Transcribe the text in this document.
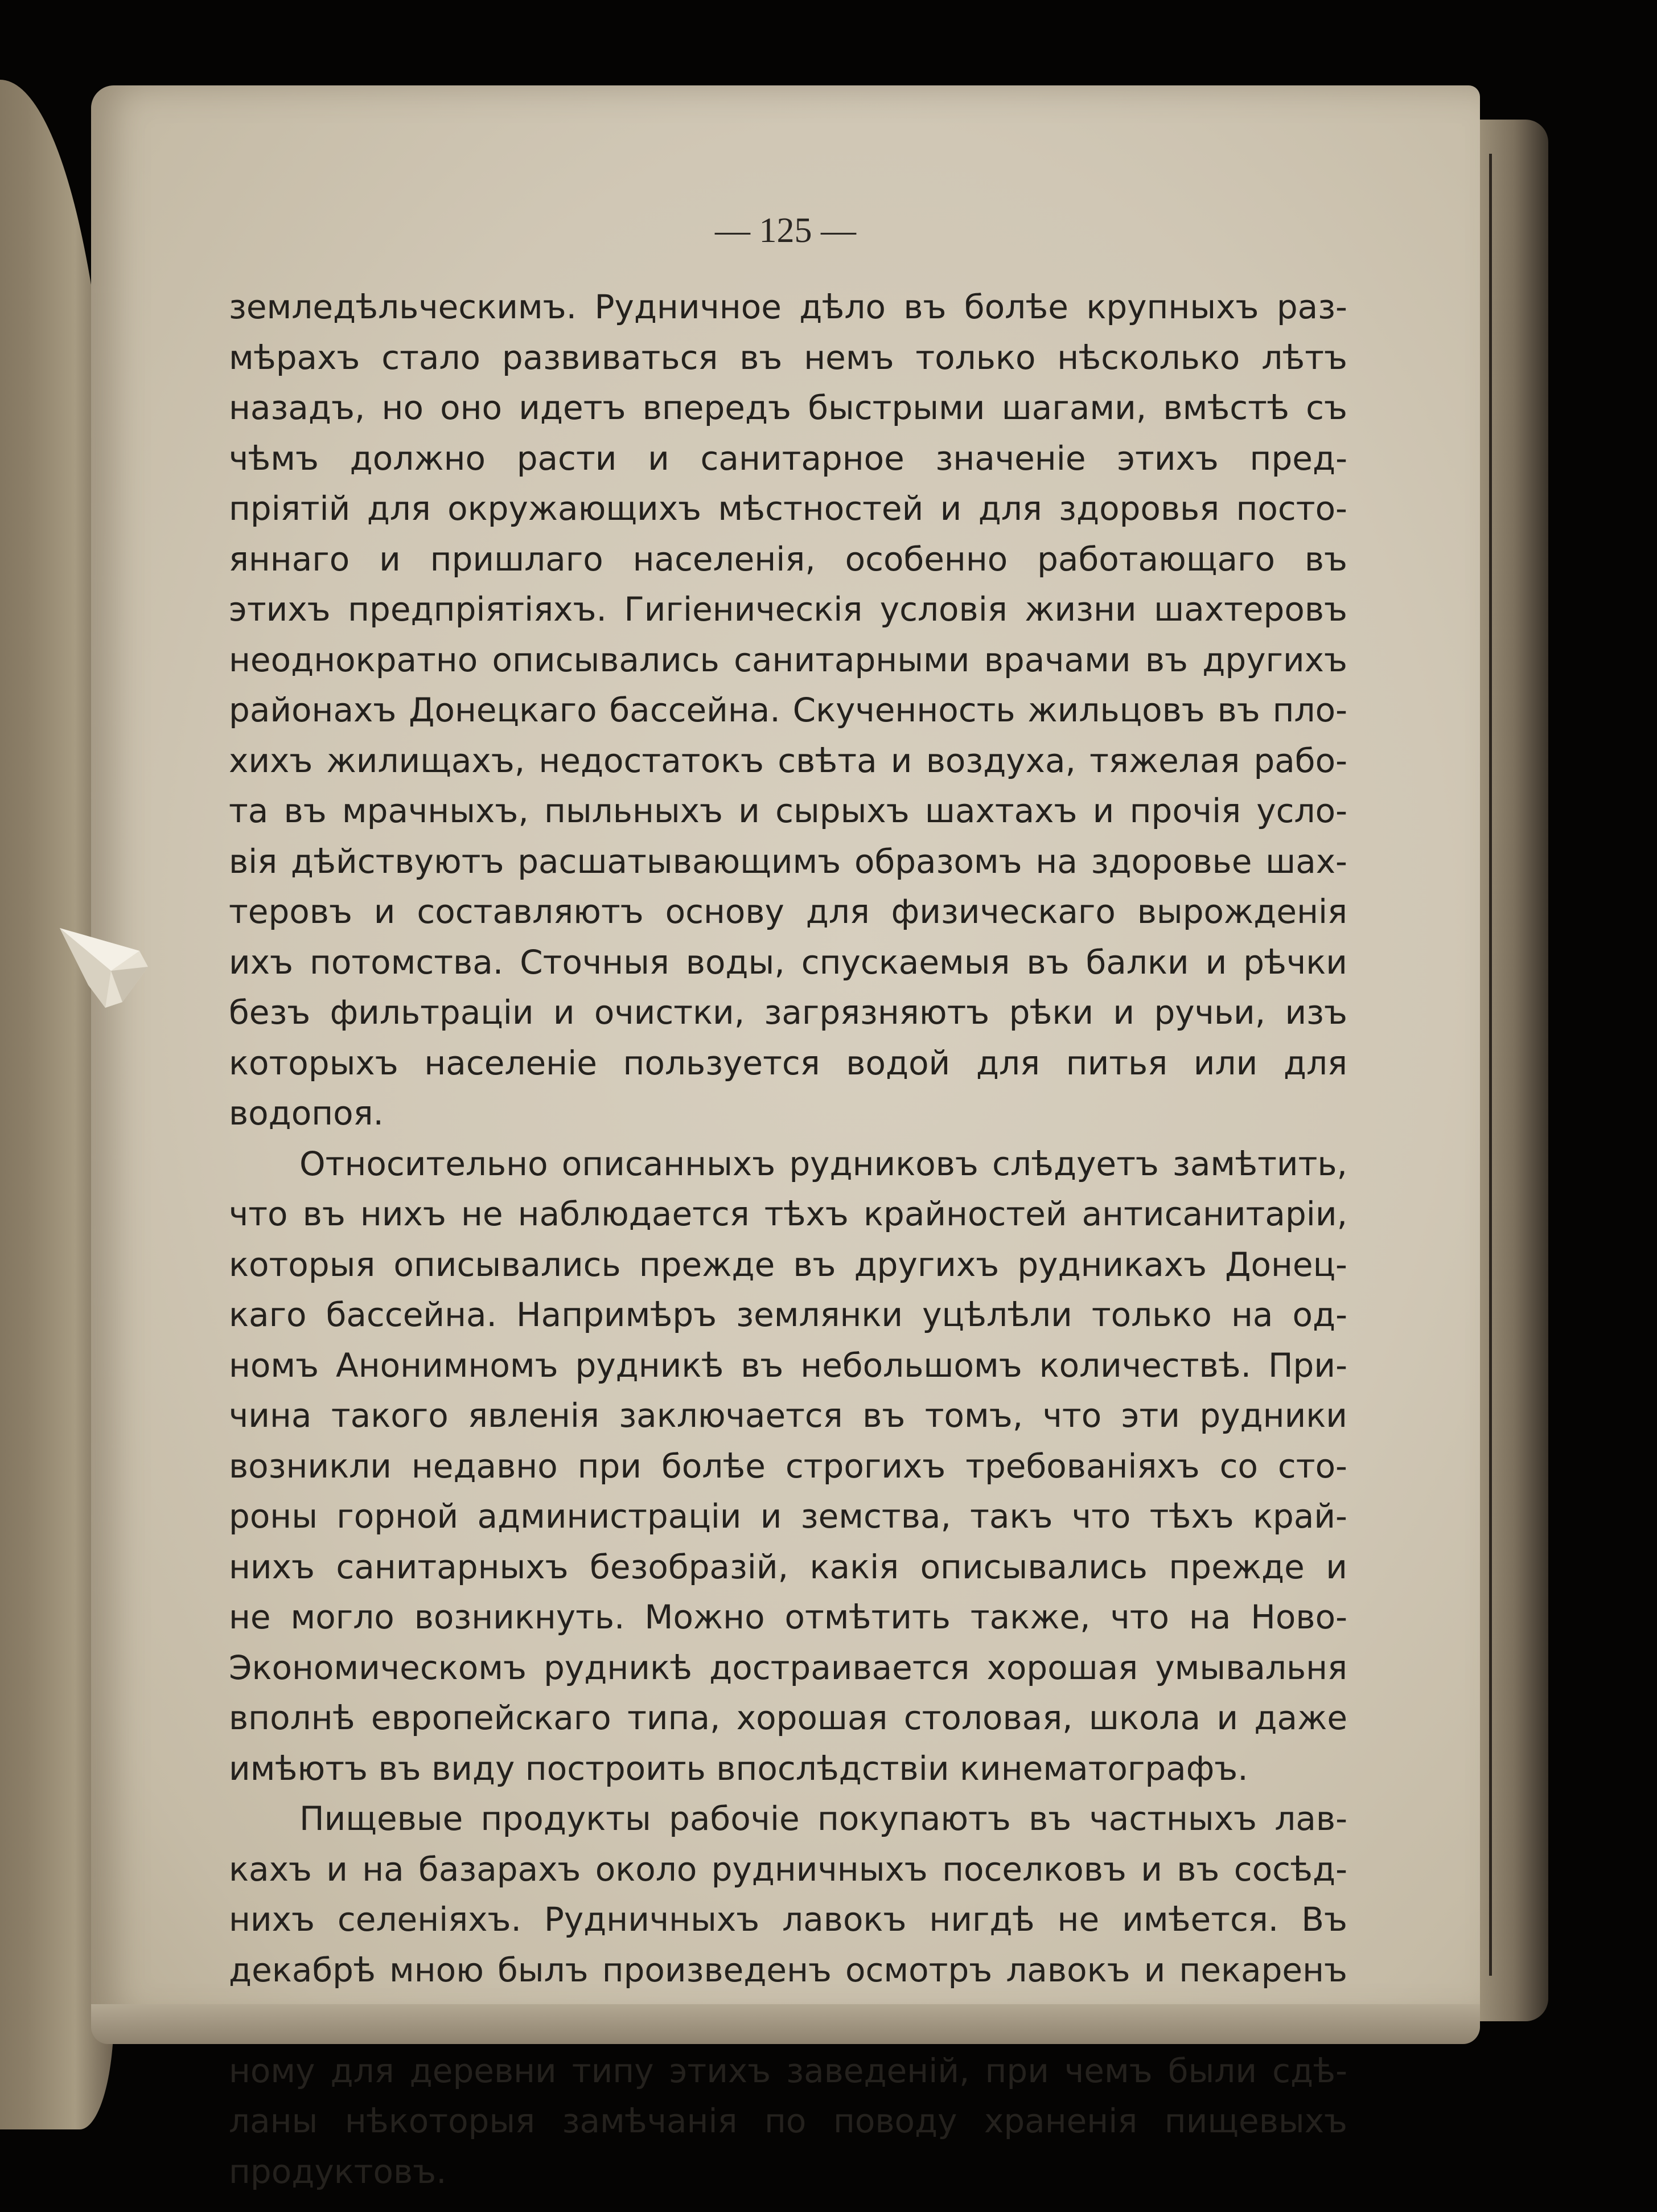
— 125 —
земледѣльческимъ. Рудничное дѣло въ болѣе крупныхъ раз-
мѣрахъ стало развиваться въ немъ только нѣсколько лѣтъ
назадъ, но оно идетъ впередъ быстрыми шагами, вмѣстѣ съ
чѣмъ должно расти и санитарное значеніе этихъ пред-
пріятій для окружающихъ мѣстностей и для здоровья посто-
яннаго и пришлаго населенія, особенно работающаго въ
этихъ предпріятіяхъ. Гигіеническія условія жизни шахтеровъ
неоднократно описывались санитарными врачами въ другихъ
районахъ Донецкаго бассейна. Скученность жильцовъ въ пло-
хихъ жилищахъ, недостатокъ свѣта и воздуха, тяжелая рабо-
та въ мрачныхъ, пыльныхъ и сырыхъ шахтахъ и прочія усло-
вія дѣйствуютъ расшатывающимъ образомъ на здоровье шах-
теровъ и составляютъ основу для физическаго вырожденія
ихъ потомства. Сточныя воды, спускаемыя въ балки и рѣчки
безъ фильтраціи и очистки, загрязняютъ рѣки и ручьи, изъ
которыхъ населеніе пользуется водой для питья или для
водопоя.
Относительно описанныхъ рудниковъ слѣдуетъ замѣтить,
что въ нихъ не наблюдается тѣхъ крайностей антисанитаріи,
которыя описывались прежде въ другихъ рудникахъ Донец-
каго бассейна. Напримѣръ землянки уцѣлѣли только на од-
номъ Анонимномъ рудникѣ въ небольшомъ количествѣ. При-
чина такого явленія заключается въ томъ, что эти рудники
возникли недавно при болѣе строгихъ требованіяхъ со сто-
роны горной администраціи и земства, такъ что тѣхъ край-
нихъ санитарныхъ безобразій, какiя описывались прежде и
не могло возникнуть. Можно отмѣтить также, что на Ново-
Экономическомъ рудникѣ достраивается хорошая умывальня
вполнѣ европейскаго типа, хорошая столовая, школа и даже
имѣютъ въ виду построить впослѣдствіи кинематографъ.
Пищевые продукты рабочіе покупаютъ въ частныхъ лав-
кахъ и на базарахъ около рудничныхъ поселковъ и въ сосѣд-
нихъ селеніяхъ. Рудничныхъ лавокъ нигдѣ не имѣется. Въ
декабрѣ мною былъ произведенъ осмотръ лавокъ и пекаренъ
ному для деревни типу этихъ заведеній, при чемъ были сдѣ-
ланы нѣкоторыя замѣчанія по поводу храненія пищевыхъ
продуктовъ.
